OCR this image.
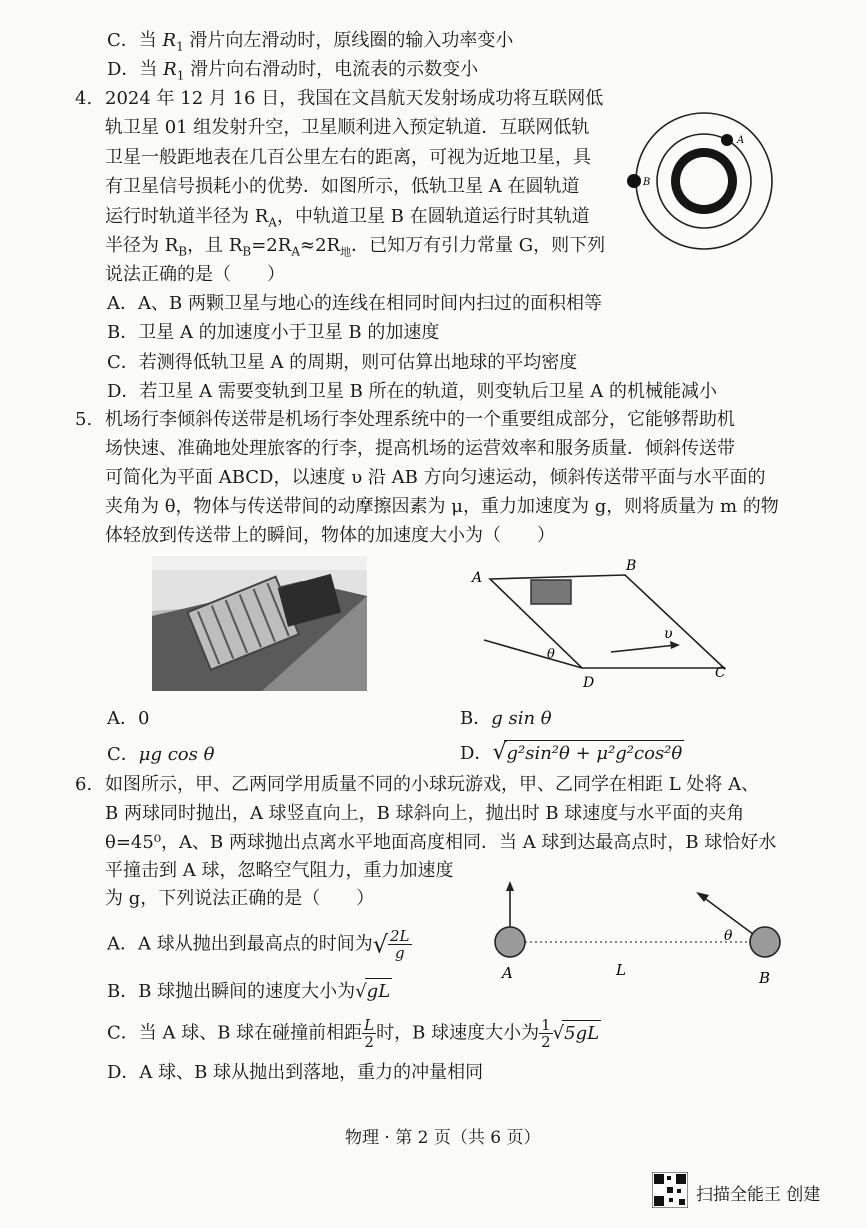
C．当 $R_1$ 滑片向左滑动时，原线圈的输入功率变小
D．当 $R_1$ 滑片向右滑动时，电流表的示数变小
4. 2024 年 12 月 16 日，我国在文昌航天发射场成功将互联网低
轨卫星 01 组发射升空，卫星顺利进入预定轨道．互联网低轨
卫星一般距地表在几百公里左右的距离，可视为近地卫星，具
有卫星信号损耗小的优势．如图所示，低轨卫星 A 在圆轨道
运行时轨道半径为 $R_A$，中轨道卫星 B 在圆轨道运行时其轨道
半径为 $R_B$，且 $R_B=2R_A\approx 2R_地$．已知万有引力常量 G，则下列
说法正确的是（　　）
A
B
A．A、B 两颗卫星与地心的连线在相同时间内扫过的面积相等
B．卫星 A 的加速度小于卫星 B 的加速度
C．若测得低轨卫星 A 的周期，则可估算出地球的平均密度
D．若卫星 A 需要变轨到卫星 B 所在的轨道，则变轨后卫星 A 的机械能减小
5. 机场行李倾斜传送带是机场行李处理系统中的一个重要组成部分，它能够帮助机
场快速、准确地处理旅客的行李，提高机场的运营效率和服务质量．倾斜传送带
可简化为平面 ABCD，以速度 υ 沿 AB 方向匀速运动，倾斜传送带平面与水平面的
夹角为 θ，物体与传送带间的动摩擦因素为 μ，重力加速度为 g，则将质量为 m 的物
体轻放到传送带上的瞬间，物体的加速度大小为（　　）
A
B
C
D
θ
υ
A．0	B．g sin θ
C．μg cos θ	D．√g²sin²θ + μ²g²cos²θ
6. 如图所示，甲、乙两同学用质量不同的小球玩游戏，甲、乙同学在相距 L 处将 A、
B 两球同时抛出，A 球竖直向上，B 球斜向上，抛出时 B 球速度与水平面的夹角
θ=45⁰，A、B 两球抛出点离水平地面高度相同．当 A 球到达最高点时，B 球恰好水
平撞击到 A 球，忽略空气阻力，重力加速度
为 g，下列说法正确的是（　　）
A	B
L
θ
A．A 球从抛出到最高点的时间为√ $\frac{2L}{g}$
B．B 球抛出瞬间的速度大小为√gL
C．当 A 球、B 球在碰撞前相距 $\frac{L}{2}$ 时，B 球速度大小为 $\frac{1}{2} √5gL$
D．A 球、B 球从抛出到落地，重力的冲量相同
物理 · 第 2 页（共 6 页）
扫描全能王 创建
